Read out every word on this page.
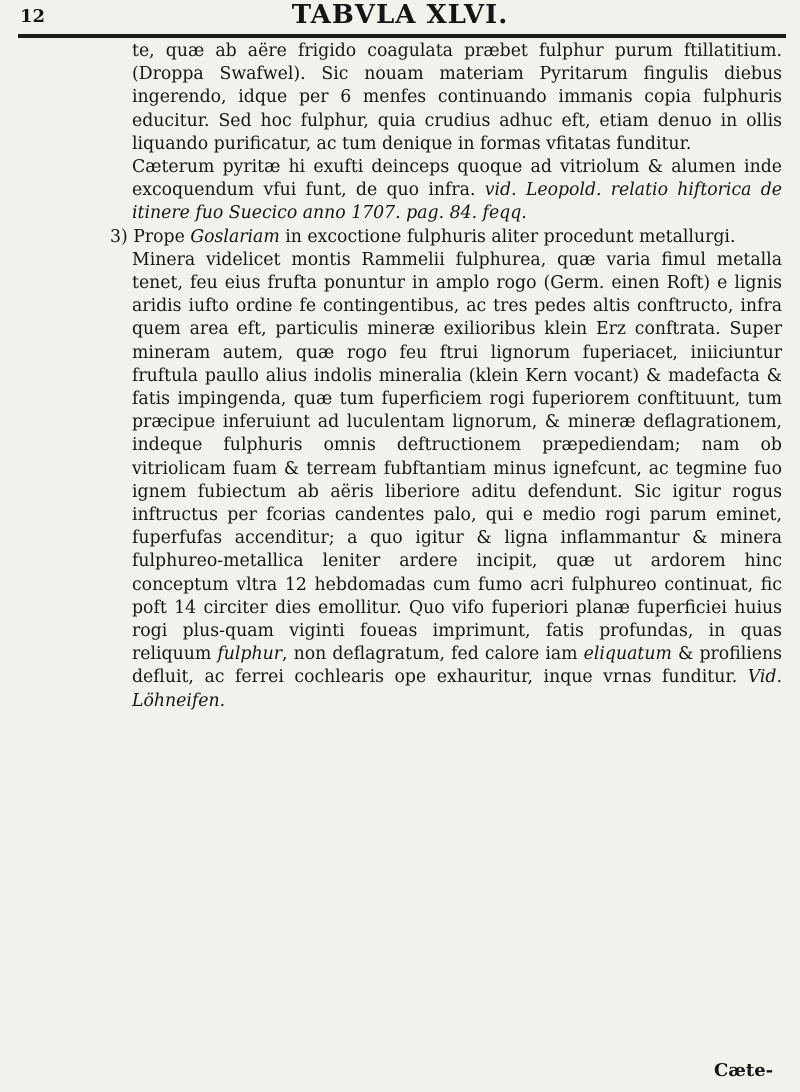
12	TABVLA XLVI.

te, quæ ab aëre frigido coagulata præbet fulphur purum ftillatitium. (Droppa Swafwel). Sic nouam materiam Pyritarum fingulis diebus ingerendo, idque per 6 menfes continuando immanis copia fulphuris educitur. Sed hoc fulphur, quia crudius adhuc eft, etiam denuo in ollis liquando purificatur, ac tum denique in formas vfitatas funditur.

Cæterum pyritæ hi exufti deinceps quoque ad vitriolum & alumen inde excoquendum vfui funt, de quo infra. vid. Leopold. relatio hiftorica de itinere fuo Suecico anno 1707. pag. 84. feqq.

3) Prope Goslariam in excoctione fulphuris aliter procedunt metallurgi.

Minera videlicet montis Rammelii fulphurea, quæ varia fimul metalla tenet, feu eius frufta ponuntur in amplo rogo (Germ. einen Roft) e lignis aridis iufto ordine fe contingentibus, ac tres pedes altis conftructo, infra quem area eft, particulis mineræ exilioribus klein Erz conftrata. Super mineram autem, quæ rogo feu ftrui lignorum fuperiacet, iniiciuntur fruftula paullo alius indolis mineralia (klein Kern vocant) & madefacta & fatis impingenda, quæ tum fuperficiem rogi fuperiorem conftituunt, tum præcipue inferuiunt ad luculentam lignorum, & mineræ deflagrationem, indeque fulphuris omnis deftructionem præpediendam; nam ob vitriolicam fuam & terream fubftantiam minus ignefcunt, ac tegmine fuo ignem fubiectum ab aëris liberiore aditu defendunt. Sic igitur rogus inftructus per fcorias candentes palo, qui e medio rogi parum eminet, fuperfufas accenditur; a quo igitur & ligna inflammantur & minera fulphureo-metallica leniter ardere incipit, quæ ut ardorem hinc conceptum vltra 12 hebdomadas cum fumo acri fulphureo continuat, fic poft 14 circiter dies emollitur. Quo vifo fuperiori planæ fuperficiei huius rogi plus-quam viginti foueas imprimunt, fatis profundas, in quas reliquum fulphur, non deflagratum, fed calore iam eliquatum & profiliens defluit, ac ferrei cochlearis ope exhauritur, inque vrnas funditur. Vid. Löhneifen.

Cæte-
